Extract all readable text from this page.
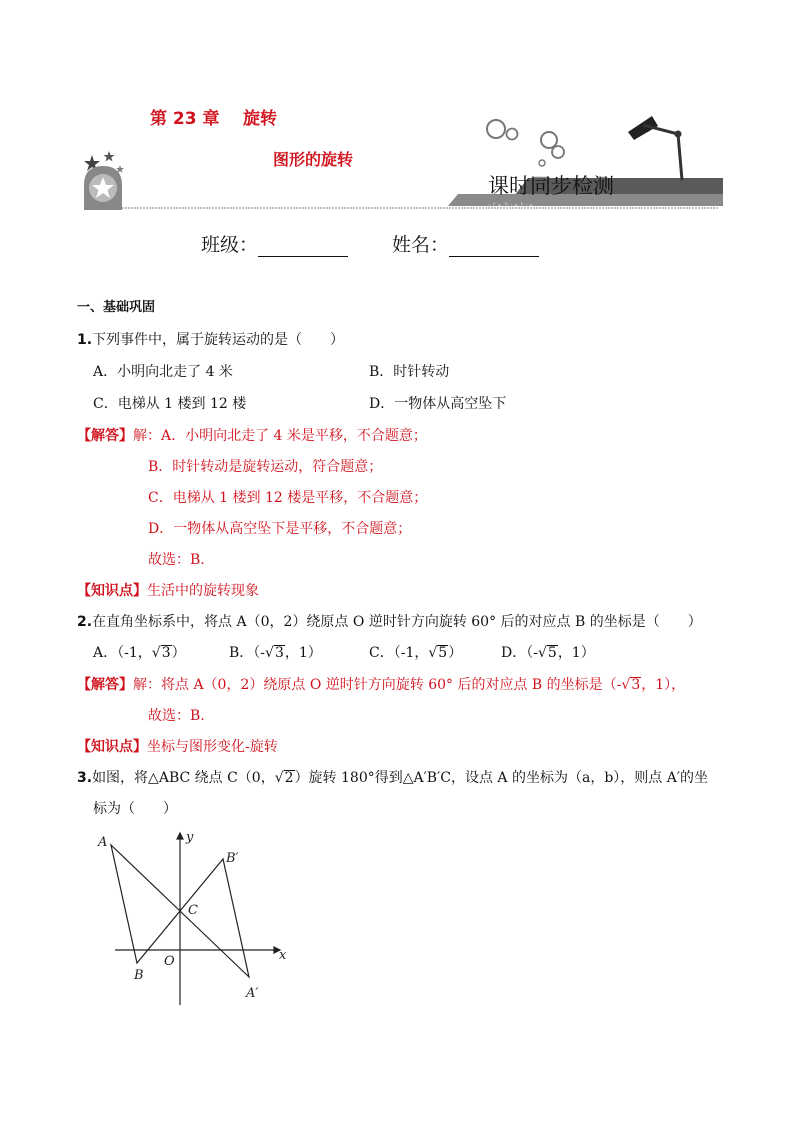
第 23 章 旋转
图形的旋转
· ♪ ⌁ ♫ · ⌁ ♪ · ⌁
课时同步检测
班级：	姓名：
一、基础巩固
1.下列事件中，属于旋转运动的是（　　）
A．小明向北走了 4 米	B．时针转动
C．电梯从 1 楼到 12 楼	D．一物体从高空坠下
【解答】解：A．小明向北走了 4 米是平移，不合题意；
B．时针转动是旋转运动，符合题意；
C．电梯从 1 楼到 12 楼是平移，不合题意；
D．一物体从高空坠下是平移，不合题意；
故选：B.
【知识点】生活中的旋转现象
2.在直角坐标系中，将点 A（0，2）绕原点 O 逆时针方向旋转 60° 后的对应点 B 的坐标是（　　）
A．（-1，√3）	B．（-√3，1）	C．（-1，√5）	D．（-√5，1）
【解答】解：将点 A（0，2）绕原点 O 逆时针方向旋转 60° 后的对应点 B 的坐标是（-√3，1），
故选：B.
【知识点】坐标与图形变化-旋转
3.如图，将△ABC 绕点 C（0，√2）旋转 180°得到△A′B′C，设点 A 的坐标为（a，b），则点 A′的坐
标为（　　）
A
B
C
O
A′
B′
x
y
